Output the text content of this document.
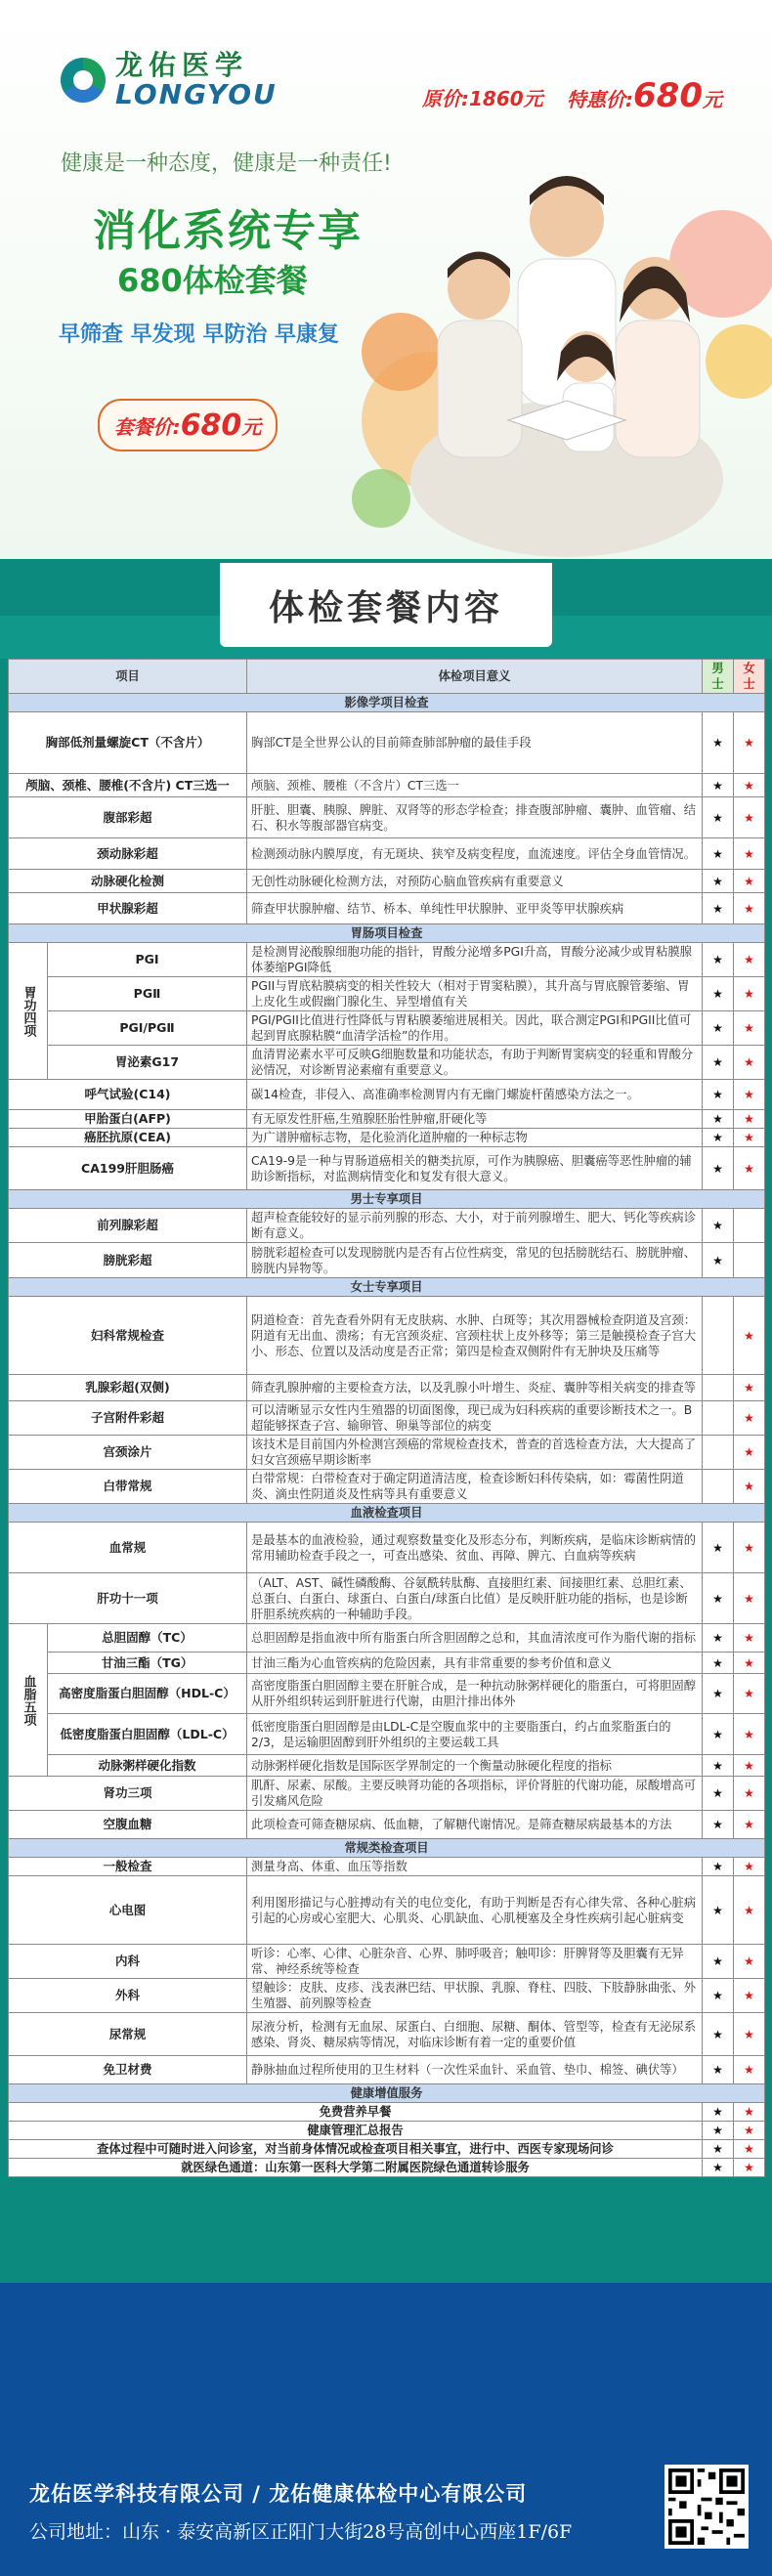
龙佑医学
LONGYOU	原价:1860元 特惠价:680元
健康是一种态度，健康是一种责任!
消化系统专享
680体检套餐
早筛查 早发现 早防治 早康复
套餐价: 680 元
体检套餐内容
项目		体检项目意义	男士	女士
影像学项目检查				
胸部低剂量螺旋CT（不含片）		胸部CT是全世界公认的目前筛查肺部肿瘤的最佳手段	★	★
颅脑、颈椎、腰椎(不含片) CT三选一		颅脑、颈椎、腰椎（不含片）CT三选一	★	★
腹部彩超		肝脏、胆囊、胰腺、脾脏、双肾等的形态学检查；排查腹部肿瘤、囊肿、血管瘤、结石、积水等腹部器官病变。	★	★
颈动脉彩超		检测颈动脉内膜厚度，有无斑块、狭窄及病变程度，血流速度。评估全身血管情况。	★	★
动脉硬化检测		无创性动脉硬化检测方法，对预防心脑血管疾病有重要意义	★	★
甲状腺彩超		筛查甲状腺肿瘤、结节、桥本、单纯性甲状腺肿、亚甲炎等甲状腺疾病	★	★
胃肠项目检查				
胃功四项	PGⅠ	是检测胃泌酸腺细胞功能的指针，胃酸分泌增多PGI升高，胃酸分泌减少或胃粘膜腺体萎缩PGI降低	★	★
	PGⅡ	PGII与胃底粘膜病变的相关性较大（相对于胃窦粘膜），其升高与胃底腺管萎缩、胃上皮化生或假幽门腺化生、异型增值有关	★	★
	PGⅠ/PGⅡ	PGI/PGII比值进行性降低与胃粘膜萎缩进展相关。因此，联合测定PGI和PGII比值可起到胃底腺粘膜“血清学活检”的作用。	★	★
	胃泌素G17	血清胃泌素水平可反映G细胞数量和功能状态，有助于判断胃窦病变的轻重和胃酸分泌情况，对诊断胃泌素瘤有重要意义。	★	★
呼气试验(C14)		碳14检查，非侵入、高准确率检测胃内有无幽门螺旋杆菌感染方法之一。	★	★
甲胎蛋白(AFP)		有无原发性肝癌,生殖腺胚胎性肿瘤,肝硬化等	★	★
癌胚抗原(CEA)		为广谱肿瘤标志物，是化验消化道肿瘤的一种标志物	★	★
CA199肝胆肠癌		CA19-9是一种与胃肠道癌相关的糖类抗原，可作为胰腺癌、胆囊癌等恶性肿瘤的辅助诊断指标，对监测病情变化和复发有很大意义。	★	★
男士专享项目				
前列腺彩超		超声检查能较好的显示前列腺的形态、大小，对于前列腺增生、肥大、钙化等疾病诊断有意义。	★	
膀胱彩超		膀胱彩超检查可以发现膀胱内是否有占位性病变，常见的包括膀胱结石、膀胱肿瘤、膀胱内异物等。	★	
女士专享项目				
妇科常规检查		阴道检查：首先查看外阴有无皮肤病、水肿、白斑等；其次用器械检查阴道及宫颈：阴道有无出血、溃疡；有无宫颈炎症、宫颈柱状上皮外移等；第三是触摸检查子宫大小、形态、位置以及活动度是否正常；第四是检查双侧附件有无肿块及压痛等		★
乳腺彩超(双侧)		筛查乳腺肿瘤的主要检查方法，以及乳腺小叶增生、炎症、囊肿等相关病变的排查等		★
子宫附件彩超		可以清晰显示女性内生殖器的切面图像，现已成为妇科疾病的重要诊断技术之一。B超能够探查子宫、输卵管、卵巢等部位的病变		★
宫颈涂片		该技术是目前国内外检测宫颈癌的常规检查技术，普查的首选检查方法，大大提高了妇女宫颈癌早期诊断率		★
白带常规		白带常规：白带检查对于确定阴道清洁度，检查诊断妇科传染病，如：霉菌性阴道炎、滴虫性阴道炎及性病等具有重要意义		★
血液检查项目				
血常规		是最基本的血液检验，通过观察数量变化及形态分布，判断疾病，是临床诊断病情的常用辅助检查手段之一，可查出感染、贫血、再障、脾亢、白血病等疾病	★	★
肝功十一项		（ALT、AST、碱性磷酸酶、谷氨酰转肽酶、直接胆红素、间接胆红素、总胆红素、总蛋白、白蛋白、球蛋白、白蛋白/球蛋白比值）是反映肝脏功能的指标，也是诊断肝胆系统疾病的一种辅助手段。	★	★
血脂五项	总胆固醇（TC）	总胆固醇是指血液中所有脂蛋白所含胆固醇之总和，其血清浓度可作为脂代谢的指标	★	★
	甘油三酯（TG）	甘油三酯为心血管疾病的危险因素，具有非常重要的参考价值和意义	★	★
	高密度脂蛋白胆固醇（HDL-C）	高密度脂蛋白胆固醇主要在肝脏合成，是一种抗动脉粥样硬化的脂蛋白，可将胆固醇从肝外组织转运到肝脏进行代谢，由胆汁排出体外	★	★
	低密度脂蛋白胆固醇（LDL-C）	低密度脂蛋白胆固醇是由LDL-C是空腹血浆中的主要脂蛋白，约占血浆脂蛋白的2/3，是运输胆固醇到肝外组织的主要运载工具	★	★
	动脉粥样硬化指数	动脉粥样硬化指数是国际医学界制定的一个衡量动脉硬化程度的指标	★	★
肾功三项		肌酐、尿素、尿酸。主要反映肾功能的各项指标，评价肾脏的代谢功能，尿酸增高可引发痛风危险	★	★
空腹血糖		此项检查可筛查糖尿病、低血糖，了解糖代谢情况。是筛查糖尿病最基本的方法	★	★
常规类检查项目				
一般检查		测量身高、体重、血压等指数	★	★
心电图		利用图形描记与心脏搏动有关的电位变化，有助于判断是否有心律失常、各种心脏病引起的心房或心室肥大、心肌炎、心肌缺血、心肌梗塞及全身性疾病引起心脏病变	★	★
内科		听诊：心率、心律、心脏杂音、心界、肺呼吸音；触叩诊：肝脾肾等及胆囊有无异常、神经系统等检查	★	★
外科		望触诊：皮肤、皮疹、浅表淋巴结、甲状腺、乳腺、脊柱、四肢、下肢静脉曲张、外生殖器、前列腺等检查	★	★
尿常规		尿液分析，检测有无血尿、尿蛋白、白细胞、尿糖、酮体、管型等，检查有无泌尿系感染、肾炎、糖尿病等情况，对临床诊断有着一定的重要价值	★	★
免卫材费		静脉抽血过程所使用的卫生材料（一次性采血针、采血管、垫巾、棉签、碘伏等）	★	★
健康增值服务				
免费营养早餐			★	★
健康管理汇总报告			★	★
查体过程中可随时进入问诊室，对当前身体情况或检查项目相关事宜，进行中、西医专家现场问诊			★	★
就医绿色通道：山东第一医科大学第二附属医院绿色通道转诊服务			★	★
龙佑医学科技有限公司 / 龙佑健康体检中心有限公司
公司地址：山东 · 泰安高新区正阳门大街28号高创中心西座1F/6F
